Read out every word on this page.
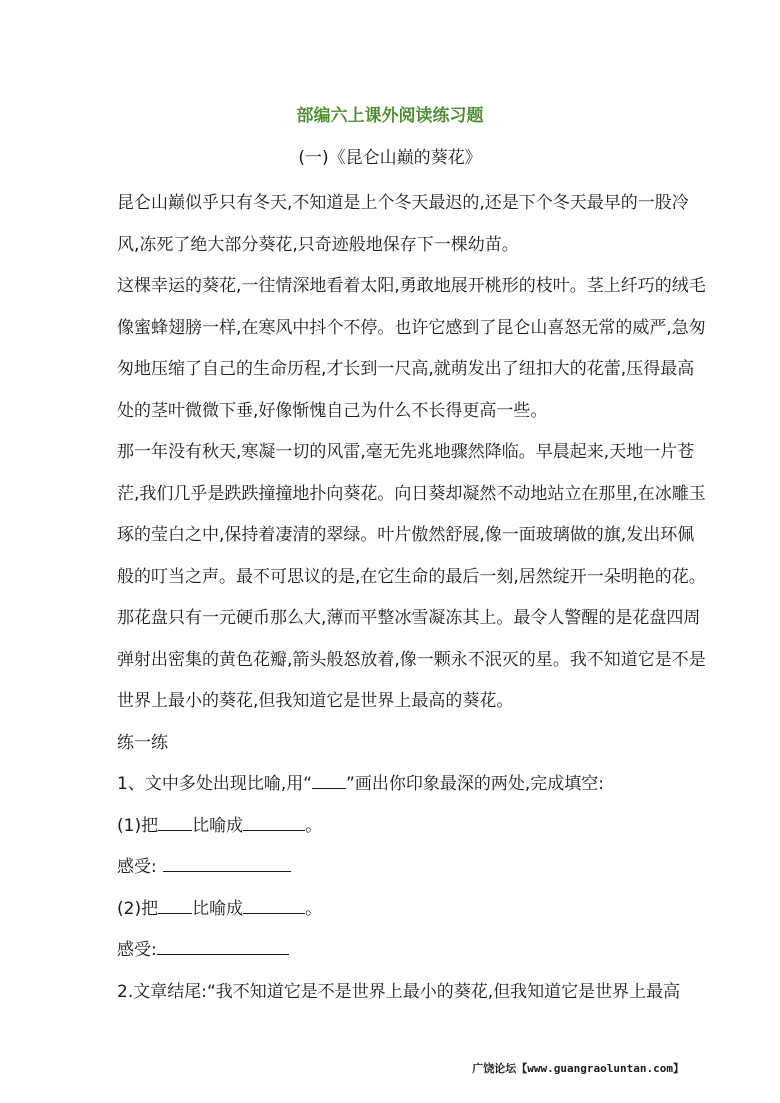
部编六上课外阅读练习题
(一)《昆仑山巅的葵花》

昆仑山巅似乎只有冬天,不知道是上个冬天最迟的,还是下个冬天最早的一股冷

风,冻死了绝大部分葵花,只奇迹般地保存下一棵幼苗。

这棵幸运的葵花,一往情深地看着太阳,勇敢地展开桃形的枝叶。茎上纤巧的绒毛

像蜜蜂翅膀一样,在寒风中抖个不停。也许它感到了昆仑山喜怒无常的威严,急匆

匆地压缩了自己的生命历程,才长到一尺高,就萌发出了纽扣大的花蕾,压得最高

处的茎叶微微下垂,好像惭愧自己为什么不长得更高一些。

那一年没有秋天,寒凝一切的风雷,毫无先兆地骤然降临。早晨起来,天地一片苍

茫,我们几乎是跌跌撞撞地扑向葵花。向日葵却凝然不动地站立在那里,在冰雕玉

琢的莹白之中,保持着凄清的翠绿。叶片傲然舒展,像一面玻璃做的旗,发出环佩

般的叮当之声。最不可思议的是,在它生命的最后一刻,居然绽开一朵明艳的花。

那花盘只有一元硬币那么大,薄而平整冰雪凝冻其上。最令人警醒的是花盘四周

弹射出密集的黄色花瓣,箭头般怒放着,像一颗永不泯灭的星。我不知道它是不是

世界上最小的葵花,但我知道它是世界上最高的葵花。

练一练

1、文中多处出现比喻,用“ ”画出你印象最深的两处,完成填空:

(1)把 比喻成	。

感受:

(2)把 比喻成	。

感受:

2.文章结尾:“我不知道它是不是世界上最小的葵花,但我知道它是世界上最高

广饶论坛【www.guangraoluntan.com】
